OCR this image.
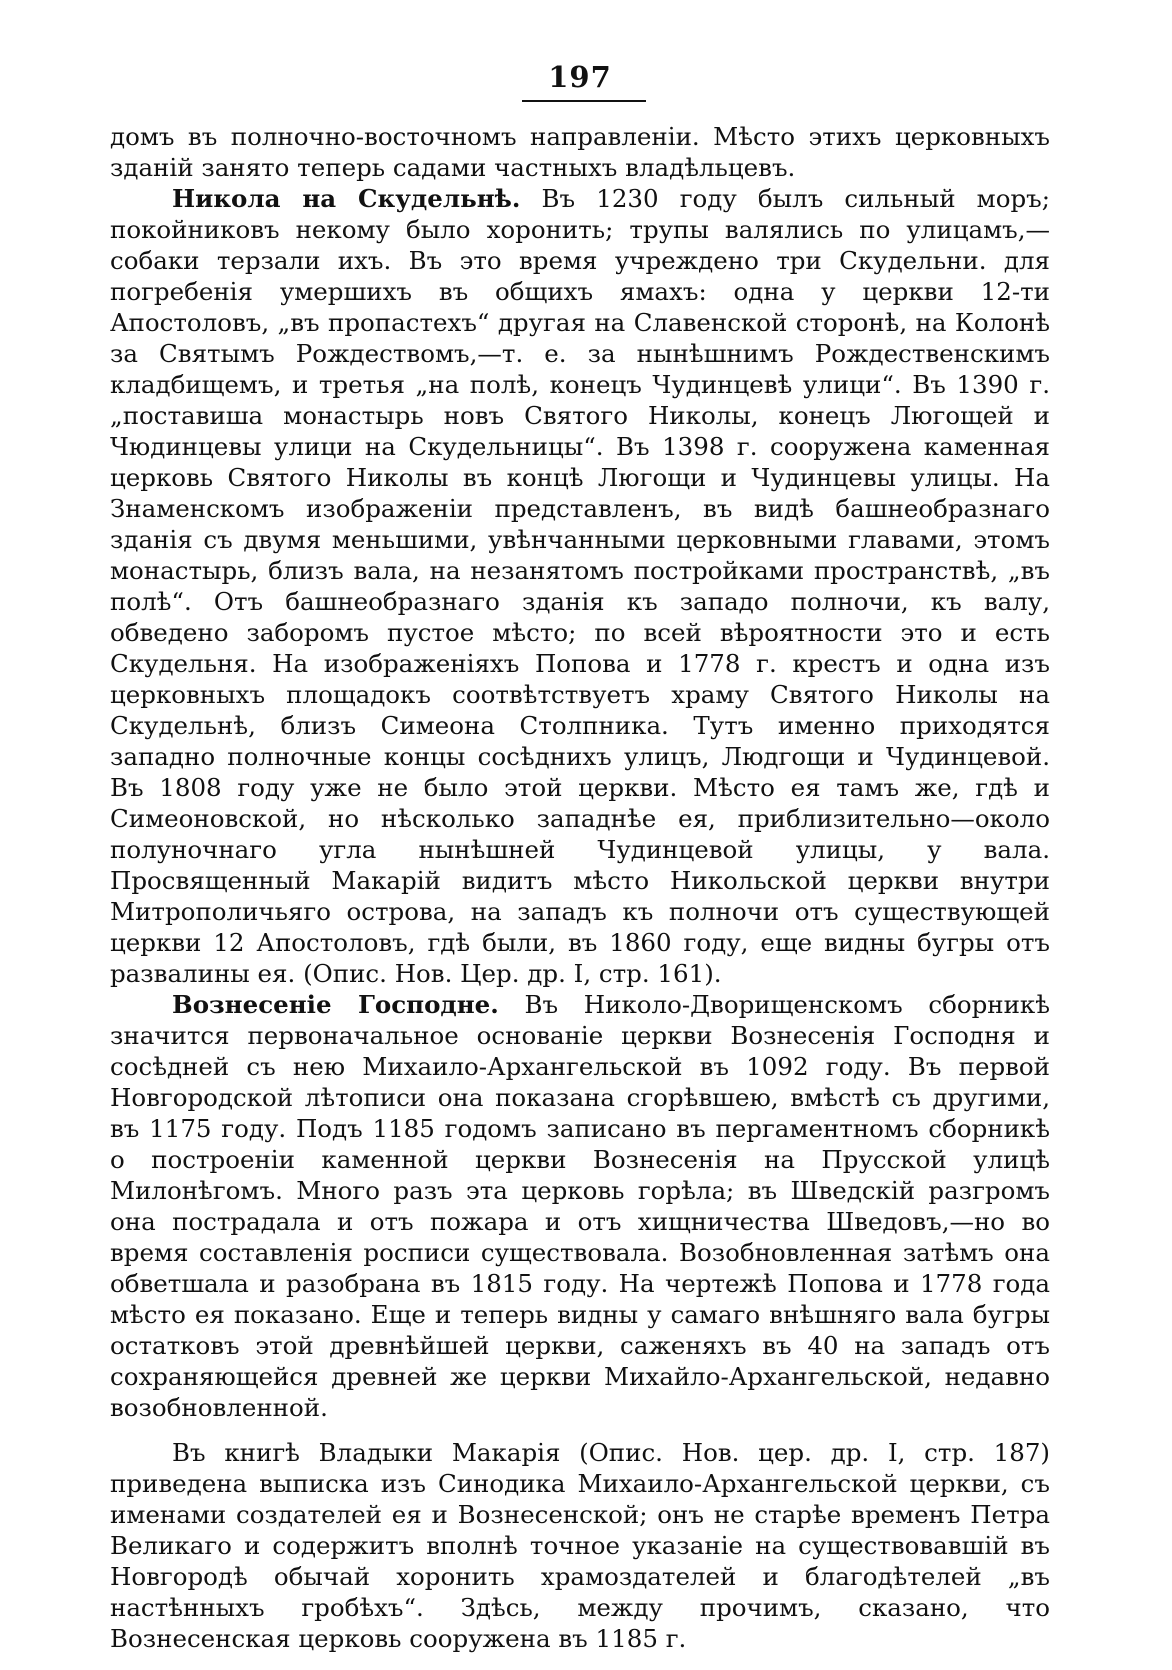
197

домъ въ полночно-восточномъ направленіи. Мѣсто этихъ церковныхъ зданій занято теперь садами частныхъ владѣльцевъ.

Никола на Скудельнѣ. Въ 1230 году былъ сильный моръ; покойниковъ некому было хоронить; трупы валялись по улицамъ,—собаки терзали ихъ. Въ это время учреждено три Скудельни. для погребенія умершихъ въ общихъ ямахъ: одна у церкви 12-ти Апостоловъ, „въ пропастехъ“ другая на Славенской сторонѣ, на Колонѣ за Святымъ Рождествомъ,—т. е. за нынѣшнимъ Рождественскимъ кладбищемъ, и третья „на полѣ, конецъ Чудинцевѣ улици“. Въ 1390 г. „поставиша монастырь новъ Святого Николы, конецъ Люгощей и Чюдинцевы улици на Скудельницы“. Въ 1398 г. сооружена каменная церковь Святого Николы въ концѣ Люгощи и Чудинцевы улицы. На Знаменскомъ изображеніи представленъ, въ видѣ башнеобразнаго зданія съ двумя меньшими, увѣнчанными церковными главами, этомъ монастырь, близъ вала, на незанятомъ постройками пространствѣ, „въ полѣ“. Отъ башнеобразнаго зданія къ западо полночи, къ валу, обведено заборомъ пустое мѣсто; по всей вѣроятности это и есть Скудельня. На изображеніяхъ Попова и 1778 г. крестъ и одна изъ церковныхъ площадокъ соотвѣтствуетъ храму Святого Николы на Скудельнѣ, близъ Симеона Столпника. Тутъ именно приходятся западно полночные концы сосѣднихъ улицъ, Людгощи и Чудинцевой. Въ 1808 году уже не было этой церкви. Мѣсто ея тамъ же, гдѣ и Симеоновской, но нѣсколько западнѣе ея, приблизительно—около полуночнаго угла нынѣшней Чудинцевой улицы, у вала. Просвященный Макарій видитъ мѣсто Никольской церкви внутри Митрополичьяго острова, на западъ къ полночи отъ существующей церкви 12 Апостоловъ, гдѣ были, въ 1860 году, еще видны бугры отъ развалины ея. (Опис. Нов. Цер. др. I, стр. 161).

Вознесеніе Господне. Въ Николо-Дворищенскомъ сборникѣ значится первоначальное основаніе церкви Вознесенія Господня и сосѣдней съ нею Михаило-Архангельской въ 1092 году. Въ первой Новгородской лѣтописи она показана сгорѣвшею, вмѣстѣ съ другими, въ 1175 году. Подъ 1185 годомъ записано въ пергаментномъ сборникѣ о построеніи каменной церкви Вознесенія на Прусской улицѣ Милонѣгомъ. Много разъ эта церковь горѣла; въ Шведскій разгромъ она пострадала и отъ пожара и отъ хищничества Шведовъ,—но во время составленія росписи существовала. Возобновленная затѣмъ она обветшала и разобрана въ 1815 году. На чертежѣ Попова и 1778 года мѣсто ея показано. Еще и теперь видны у самаго внѣшняго вала бугры остатковъ этой древнѣйшей церкви, саженяхъ въ 40 на западъ отъ сохраняющейся древней же церкви Михайло-Архангельской, недавно возобновленной.

Въ книгѣ Владыки Макарія (Опис. Нов. цер. др. I, стр. 187) приведена выписка изъ Синодика Михаило-Архангельской церкви, съ именами создателей ея и Вознесенской; онъ не старѣе временъ Петра Великаго и содержитъ вполнѣ точное указаніе на существовавшій въ Новгородѣ обычай хоронить храмоздателей и благодѣтелей „въ настѣнныхъ гробѣхъ“. Здѣсь, между прочимъ, сказано, что Вознесенская церковь сооружена въ 1185 г.
